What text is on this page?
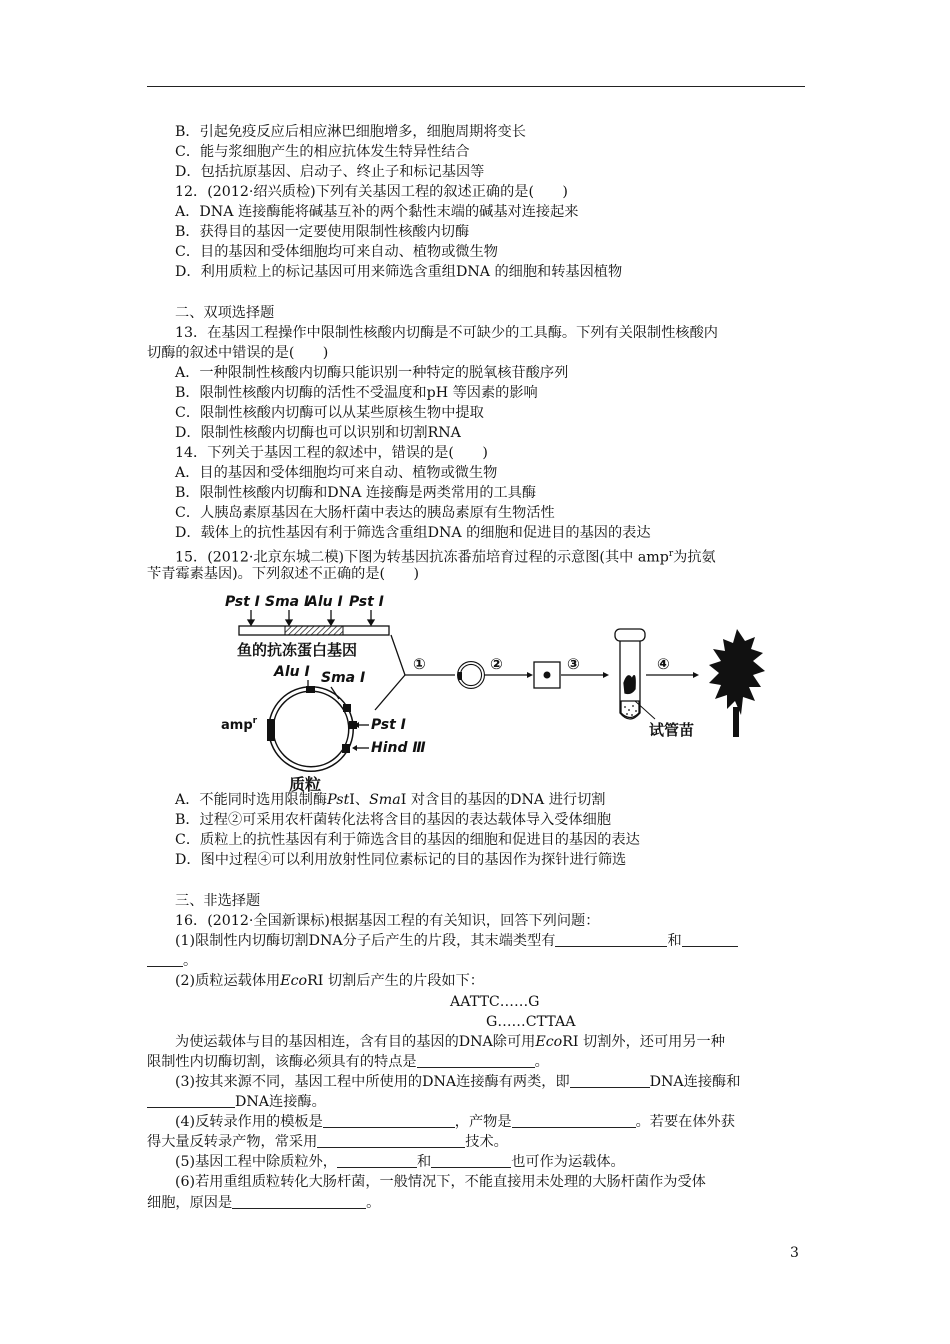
B．引起免疫反应后相应淋巴细胞增多，细胞周期将变长
C．能与浆细胞产生的相应抗体发生特异性结合
D．包括抗原基因、启动子、终止子和标记基因等
12．(2012·绍兴质检)下列有关基因工程的叙述正确的是(　　)
A．DNA 连接酶能将碱基互补的两个黏性末端的碱基对连接起来
B．获得目的基因一定要使用限制性核酸内切酶
C．目的基因和受体细胞均可来自动、植物或微生物
D．利用质粒上的标记基因可用来筛选含重组DNA 的细胞和转基因植物
二、双项选择题
13．在基因工程操作中限制性核酸内切酶是不可缺少的工具酶。下列有关限制性核酸内
切酶的叙述中错误的是(　　)
A．一种限制性核酸内切酶只能识别一种特定的脱氧核苷酸序列
B．限制性核酸内切酶的活性不受温度和pH 等因素的影响
C．限制性核酸内切酶可以从某些原核生物中提取
D．限制性核酸内切酶也可以识别和切割RNA
14．下列关于基因工程的叙述中，错误的是(　　)
A．目的基因和受体细胞均可来自动、植物或微生物
B．限制性核酸内切酶和DNA 连接酶是两类常用的工具酶
C．人胰岛素原基因在大肠杆菌中表达的胰岛素原有生物活性
D．载体上的抗性基因有利于筛选含重组DNA 的细胞和促进目的基因的表达
15．(2012·北京东城二模)下图为转基因抗冻番茄培育过程的示意图(其中 amp$^r$为抗氨
苄青霉素基因)。下列叙述不正确的是(　　)
Pst Ⅰ Sma Ⅰ
Alu Ⅰ Pst Ⅰ
鱼的抗冻蛋白基因
Alu Ⅰ Sma Ⅰ
Pst Ⅰ
Hind Ⅲ
amp$^r$
质粒
①	②	③
试管苗
④
A．不能同时选用限制酶PstⅠ、SmaⅠ 对含目的基因的DNA 进行切割
B．过程②可采用农杆菌转化法将含目的基因的表达载体导入受体细胞
C．质粒上的抗性基因有利于筛选含目的基因的细胞和促进目的基因的表达
D．图中过程④可以利用放射性同位素标记的目的基因作为探针进行筛选
三、非选择题
16．(2012·全国新课标)根据基因工程的有关知识，回答下列问题：
(1)限制性内切酶切割DNA分子后产生的片段，其末端类型有	和
。
(2)质粒运载体用EcoRⅠ 切割后产生的片段如下：
AATTC……G
G……CTTAA
为使运载体与目的基因相连，含有目的基因的DNA除可用EcoRⅠ 切割外，还可用另一种
限制性内切酶切割，该酶必须具有的特点是	。
(3)按其来源不同，基因工程中所使用的DNA连接酶有两类，即	DNA连接酶和
DNA连接酶。
(4)反转录作用的模板是	，产物是	。若要在体外获
得大量反转录产物，常采用	技术。
(5)基因工程中除质粒外，	和	也可作为运载体。
(6)若用重组质粒转化大肠杆菌，一般情况下，不能直接用未处理的大肠杆菌作为受体
细胞，原因是	。
3
